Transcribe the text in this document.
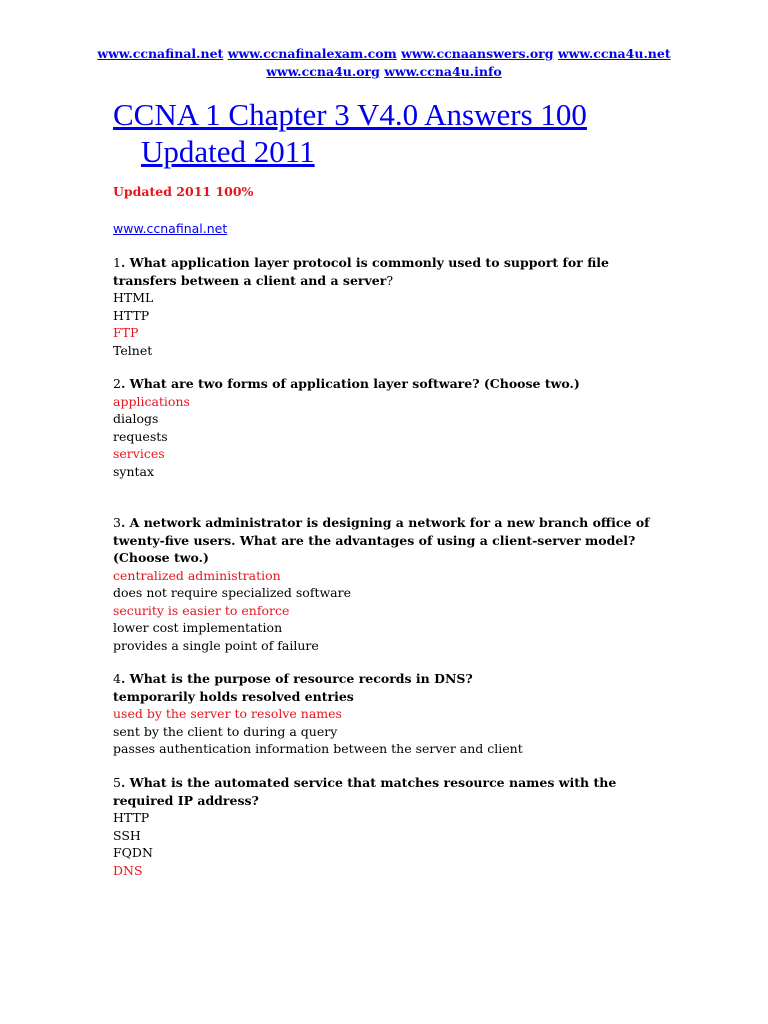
www.ccnafinal.net www.ccnafinalexam.com www.ccnaanswers.org www.ccna4u.net
www.ccna4u.org www.ccna4u.info
CCNA 1 Chapter 3 V4.0 Answers 100
Updated 2011
Updated 2011 100%
www.ccnafinal.net

1. What application layer protocol is commonly used to support for file transfers between a client and a server?

HTML

HTTP

FTP

Telnet

2. What are two forms of application layer software? (Choose two.)

applications

dialogs

requests

services

syntax

3. A network administrator is designing a network for a new branch office of twenty-five users. What are the advantages of using a client-server model? (Choose two.)

centralized administration

does not require specialized software

security is easier to enforce

lower cost implementation

provides a single point of failure

4. What is the purpose of resource records in DNS?

temporarily holds resolved entries

used by the server to resolve names

sent by the client to during a query

passes authentication information between the server and client

5. What is the automated service that matches resource names with the required IP address?

HTTP

SSH

FQDN

DNS
